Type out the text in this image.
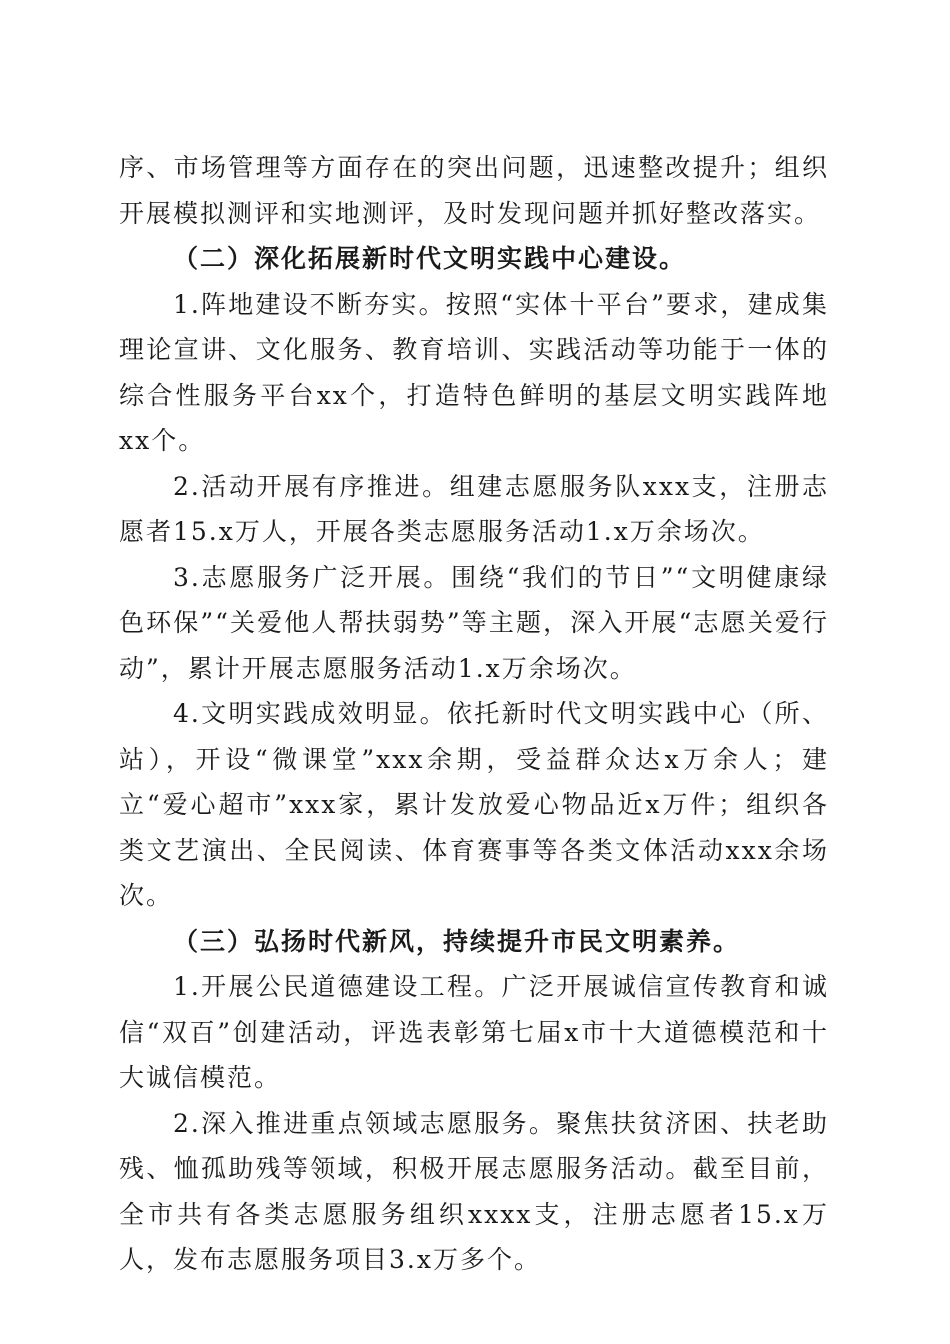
序、市场管理等方面存在的突出问题，迅速整改提升；组织开展模拟测评和实地测评，及时发现问题并抓好整改落实。

（二）深化拓展新时代文明实践中心建设。

1.阵地建设不断夯实。按照“实体十平台”要求，建成集理论宣讲、文化服务、教育培训、实践活动等功能于一体的综合性服务平台xx个，打造特色鲜明的基层文明实践阵地xx个。

2.活动开展有序推进。组建志愿服务队xxx支，注册志愿者15.x万人，开展各类志愿服务活动1.x万余场次。

3.志愿服务广泛开展。围绕“我们的节日”“文明健康绿色环保”“关爱他人帮扶弱势”等主题，深入开展“志愿关爱行动”，累计开展志愿服务活动1.x万余场次。

4.文明实践成效明显。依托新时代文明实践中心（所、站），开设“微课堂”xxx余期，受益群众达x万余人；建立“爱心超市”xxx家，累计发放爱心物品近x万件；组织各类文艺演出、全民阅读、体育赛事等各类文体活动xxx余场次。

（三）弘扬时代新风，持续提升市民文明素养。

1.开展公民道德建设工程。广泛开展诚信宣传教育和诚信“双百”创建活动，评选表彰第七届x市十大道德模范和十大诚信模范。

2.深入推进重点领域志愿服务。聚焦扶贫济困、扶老助残、恤孤助残等领域，积极开展志愿服务活动。截至目前，全市共有各类志愿服务组织xxxx支，注册志愿者15.x万人，发布志愿服务项目3.x万多个。
